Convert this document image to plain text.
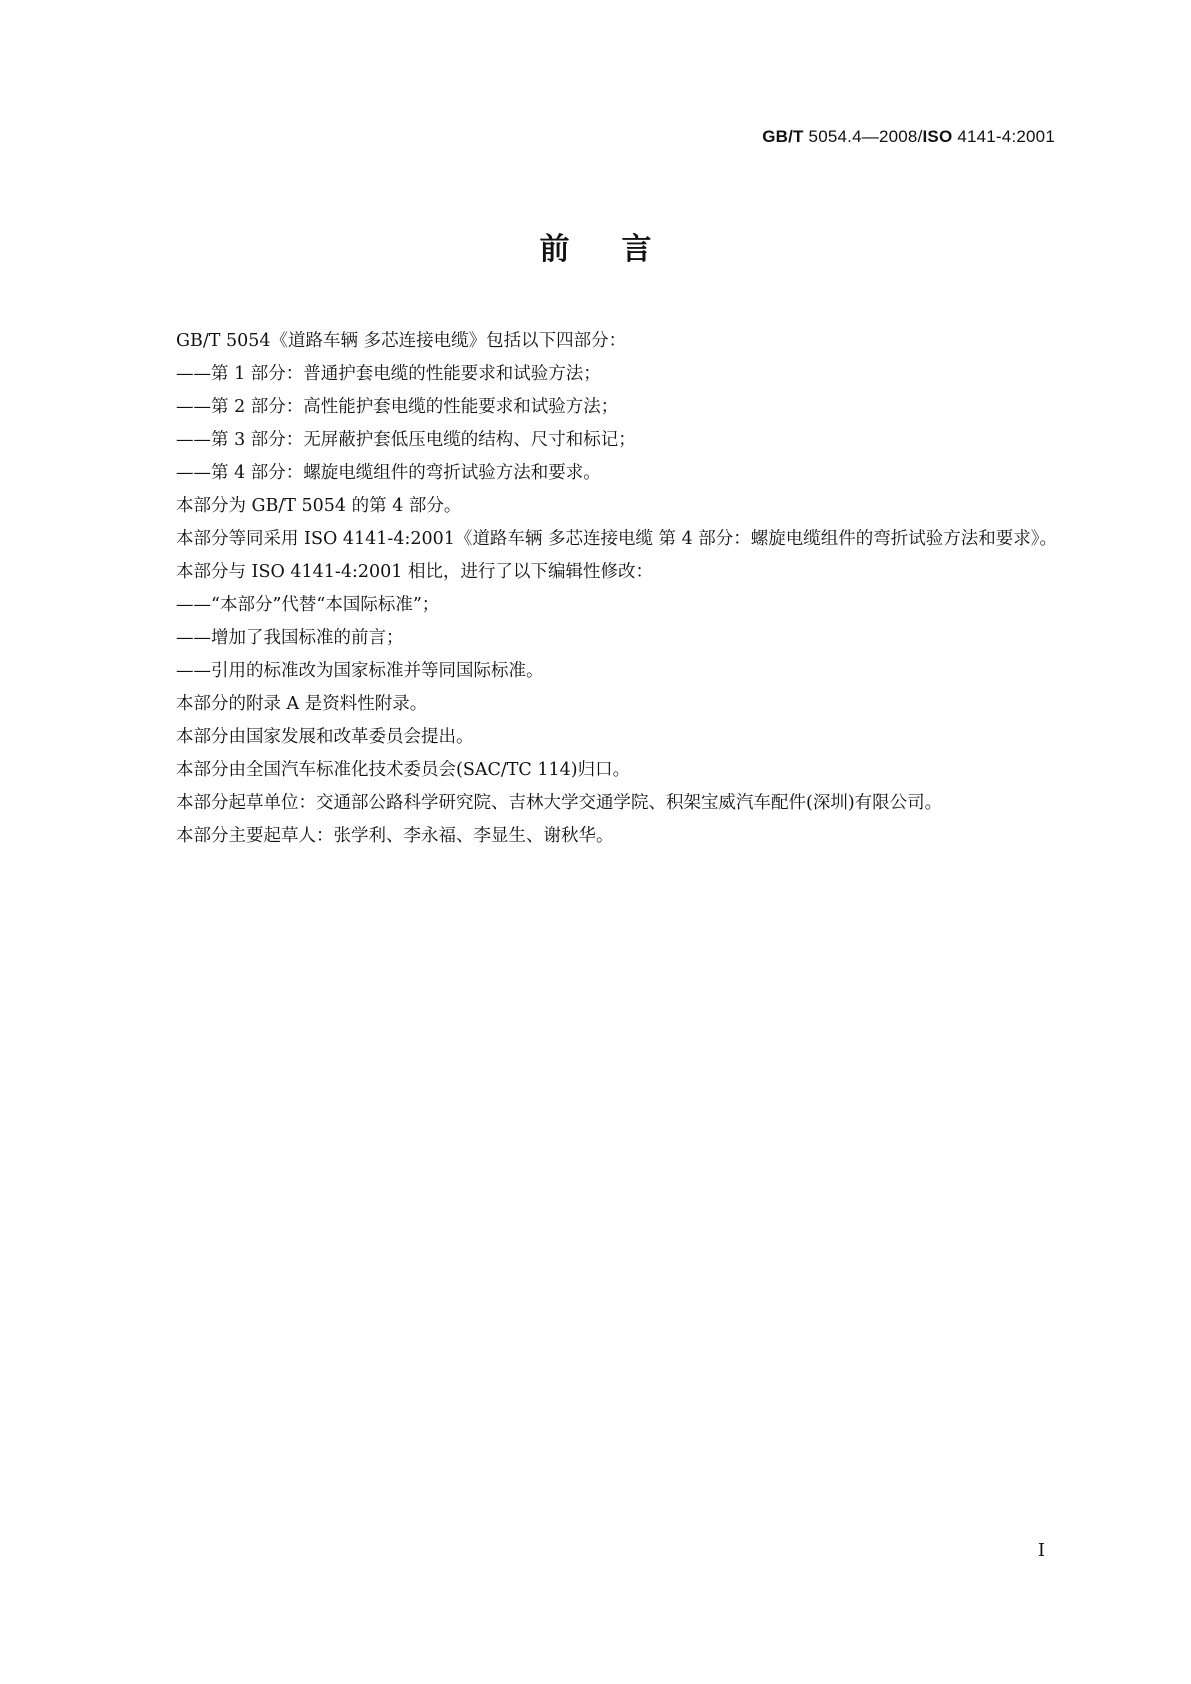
GB/T 5054.4—2008/ISO 4141-4:2001

前言

GB/T 5054《道路车辆 多芯连接电缆》包括以下四部分：

——第 1 部分：普通护套电缆的性能要求和试验方法；

——第 2 部分：高性能护套电缆的性能要求和试验方法；

——第 3 部分：无屏蔽护套低压电缆的结构、尺寸和标记；

——第 4 部分：螺旋电缆组件的弯折试验方法和要求。

本部分为 GB/T 5054 的第 4 部分。

本部分等同采用 ISO 4141-4:2001《道路车辆 多芯连接电缆 第 4 部分：螺旋电缆组件的弯折试验方法和要求》。

本部分与 ISO 4141-4:2001 相比，进行了以下编辑性修改：

——“本部分”代替“本国际标准”；

——增加了我国标准的前言；

——引用的标准改为国家标准并等同国际标准。

本部分的附录 A 是资料性附录。

本部分由国家发展和改革委员会提出。

本部分由全国汽车标准化技术委员会(SAC/TC 114)归口。

本部分起草单位：交通部公路科学研究院、吉林大学交通学院、积架宝威汽车配件(深圳)有限公司。

本部分主要起草人：张学利、李永福、李显生、谢秋华。

I
